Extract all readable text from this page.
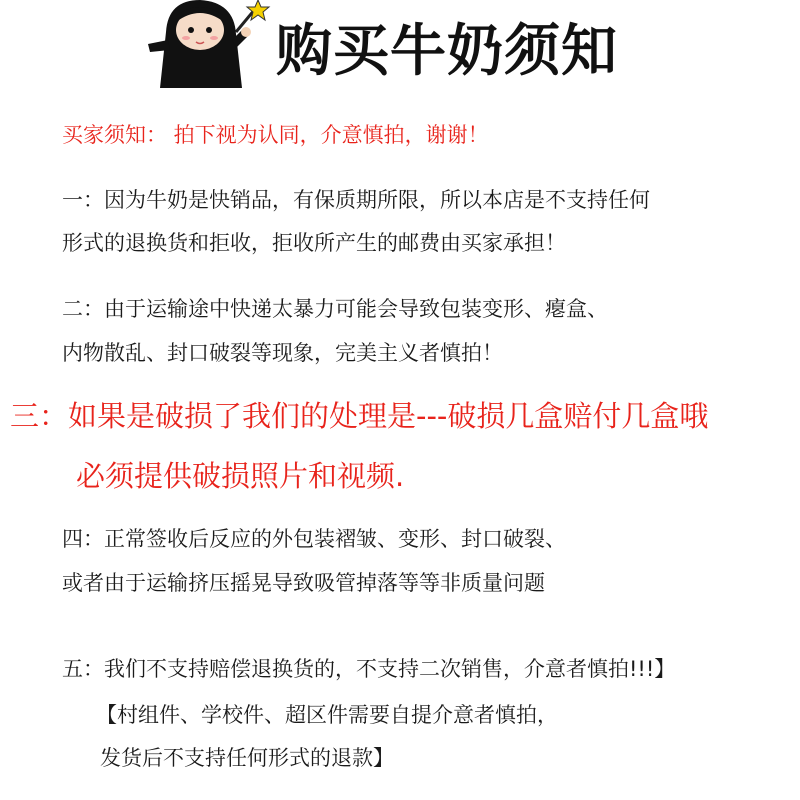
购买牛奶须知

买家须知： 拍下视为认同，介意慎拍，谢谢！

一：因为牛奶是快销品，有保质期所限，所以本店是不支持任何

形式的退换货和拒收，拒收所产生的邮费由买家承担！

二：由于运输途中快递太暴力可能会导致包装变形、瘪盒、

内物散乱、封口破裂等现象，完美主义者慎拍！

三：如果是破损了我们的处理是---破损几盒赔付几盒哦

必须提供破损照片和视频.

四：正常签收后反应的外包装褶皱、变形、封口破裂、

或者由于运输挤压摇晃导致吸管掉落等等非质量问题

五：我们不支持赔偿退换货的，不支持二次销售，介意者慎拍!!!】

【村组件、学校件、超区件需要自提介意者慎拍，

发货后不支持任何形式的退款】
